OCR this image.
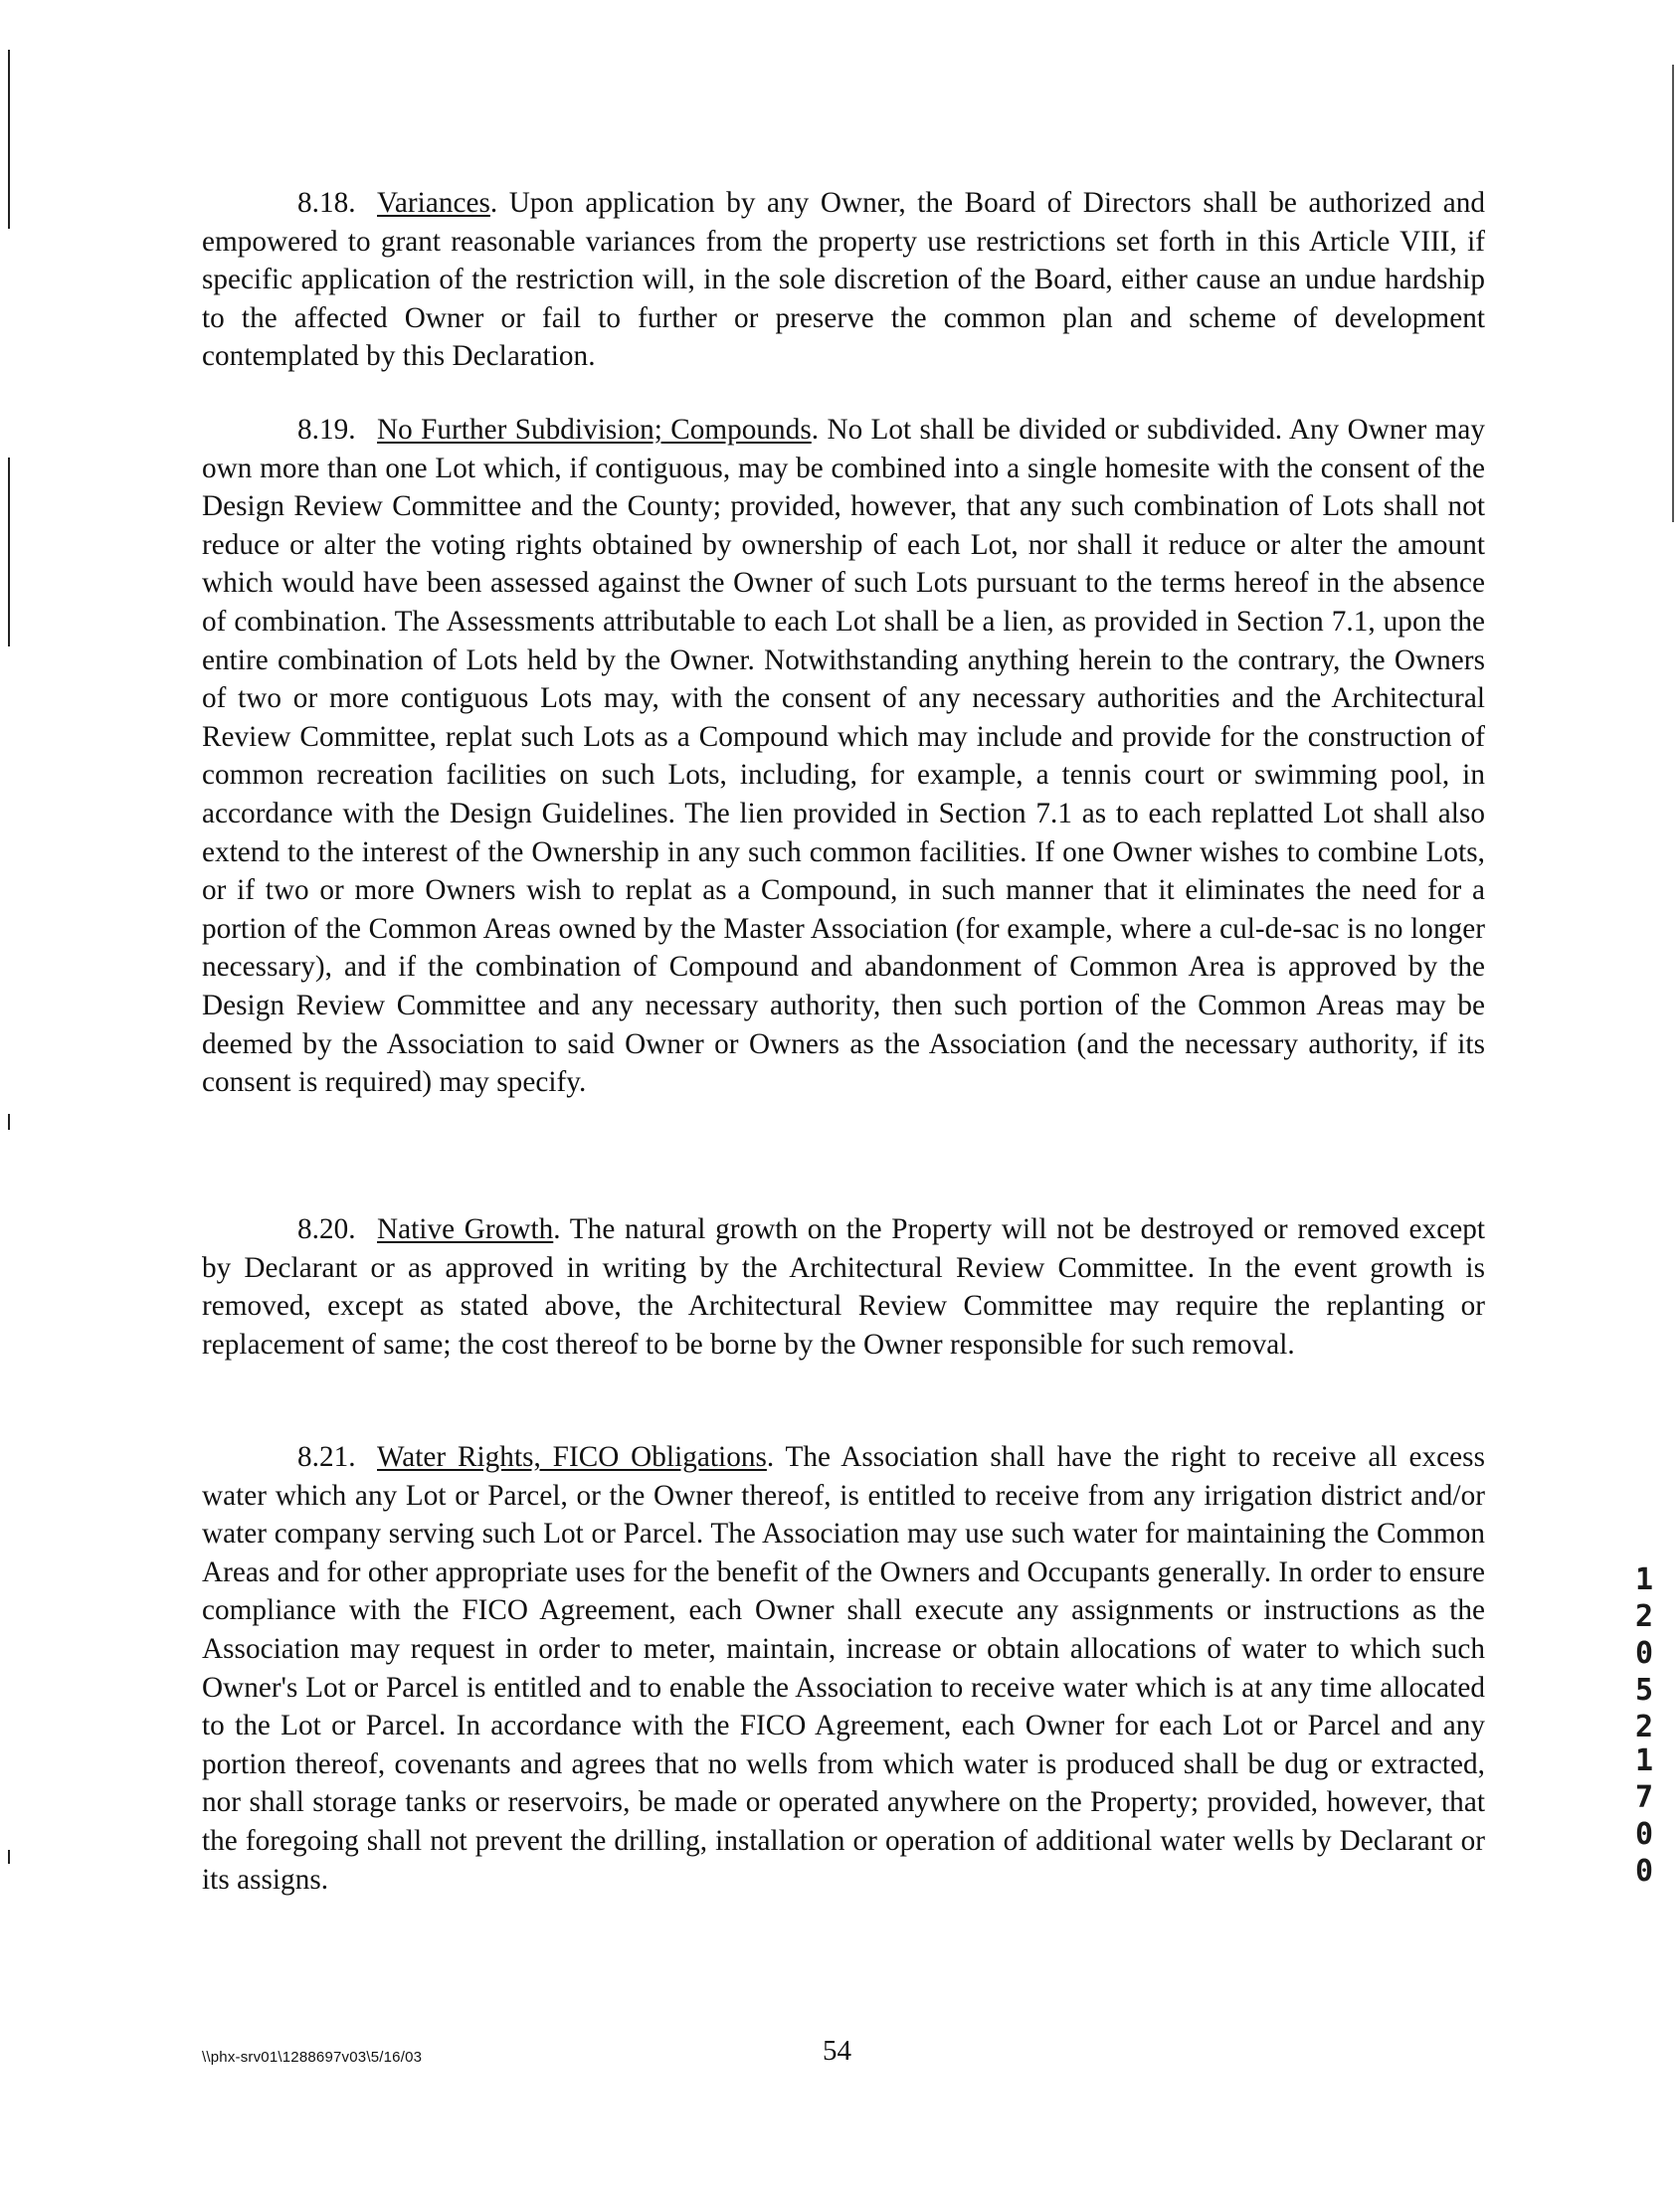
8.18. Variances. Upon application by any Owner, the Board of Directors shall be authorized and empowered to grant reasonable variances from the property use restrictions set forth in this Article VIII, if specific application of the restriction will, in the sole discretion of the Board, either cause an undue hardship to the affected Owner or fail to further or preserve the common plan and scheme of development contemplated by this Declaration.

8.19. No Further Subdivision; Compounds. No Lot shall be divided or subdivided. Any Owner may own more than one Lot which, if contiguous, may be combined into a single homesite with the consent of the Design Review Committee and the County; provided, however, that any such combination of Lots shall not reduce or alter the voting rights obtained by ownership of each Lot, nor shall it reduce or alter the amount which would have been assessed against the Owner of such Lots pursuant to the terms hereof in the absence of combination. The Assessments attributable to each Lot shall be a lien, as provided in Section 7.1, upon the entire combination of Lots held by the Owner. Notwithstanding anything herein to the contrary, the Owners of two or more contiguous Lots may, with the consent of any necessary authorities and the Architectural Review Committee, replat such Lots as a Compound which may include and provide for the construction of common recreation facilities on such Lots, including, for example, a tennis court or swimming pool, in accordance with the Design Guidelines. The lien provided in Section 7.1 as to each replatted Lot shall also extend to the interest of the Ownership in any such common facilities. If one Owner wishes to combine Lots, or if two or more Owners wish to replat as a Compound, in such manner that it eliminates the need for a portion of the Common Areas owned by the Master Association (for example, where a cul-de-sac is no longer necessary), and if the combination of Compound and abandonment of Common Area is approved by the Design Review Committee and any necessary authority, then such portion of the Common Areas may be deemed by the Association to said Owner or Owners as the Association (and the necessary authority, if its consent is required) may specify.

8.20. Native Growth. The natural growth on the Property will not be destroyed or removed except by Declarant or as approved in writing by the Architectural Review Committee. In the event growth is removed, except as stated above, the Architectural Review Committee may require the replanting or replacement of same; the cost thereof to be borne by the Owner responsible for such removal.

8.21. Water Rights, FICO Obligations. The Association shall have the right to receive all excess water which any Lot or Parcel, or the Owner thereof, is entitled to receive from any irrigation district and/or water company serving such Lot or Parcel. The Association may use such water for maintaining the Common Areas and for other appropriate uses for the benefit of the Owners and Occupants generally. In order to ensure compliance with the FICO Agreement, each Owner shall execute any assignments or instructions as the Association may request in order to meter, maintain, increase or obtain allocations of water to which such Owner's Lot or Parcel is entitled and to enable the Association to receive water which is at any time allocated to the Lot or Parcel. In accordance with the FICO Agreement, each Owner for each Lot or Parcel and any portion thereof, covenants and agrees that no wells from which water is produced shall be dug or extracted, nor shall storage tanks or reservoirs, be made or operated anywhere on the Property; provided, however, that the foregoing shall not prevent the drilling, installation or operation of additional water wells by Declarant or its assigns.

\\phx-srv01\1288697v03\5/16/03	54
1
2
0
5
2
1
7
0
0
